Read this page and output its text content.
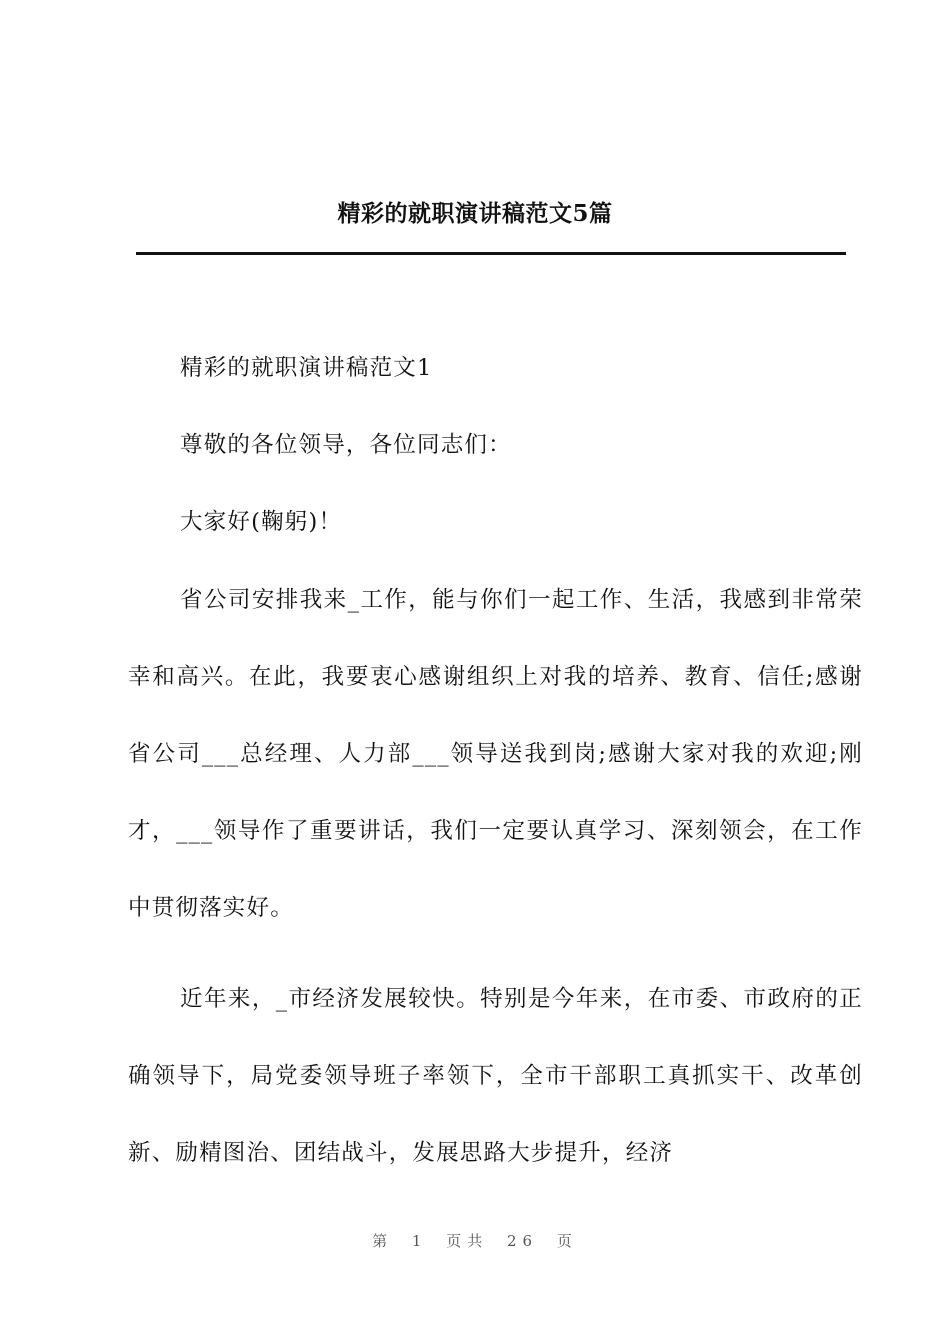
精彩的就职演讲稿范文5篇

精彩的就职演讲稿范文1

尊敬的各位领导，各位同志们：

大家好(鞠躬)！

省公司安排我来_工作，能与你们一起工作、生活，我感到非常荣幸和高兴。在此，我要衷心感谢组织上对我的培养、教育、信任;感谢省公司___总经理、人力部___领导送我到岗;感谢大家对我的欢迎;刚才，___领导作了重要讲话，我们一定要认真学习、深刻领会，在工作中贯彻落实好。

近年来，_市经济发展较快。特别是今年来，在市委、市政府的正确领导下，局党委领导班子率领下，全市干部职工真抓实干、改革创新、励精图治、团结战斗，发展思路大步提升，经济

第 1 页共 26 页
